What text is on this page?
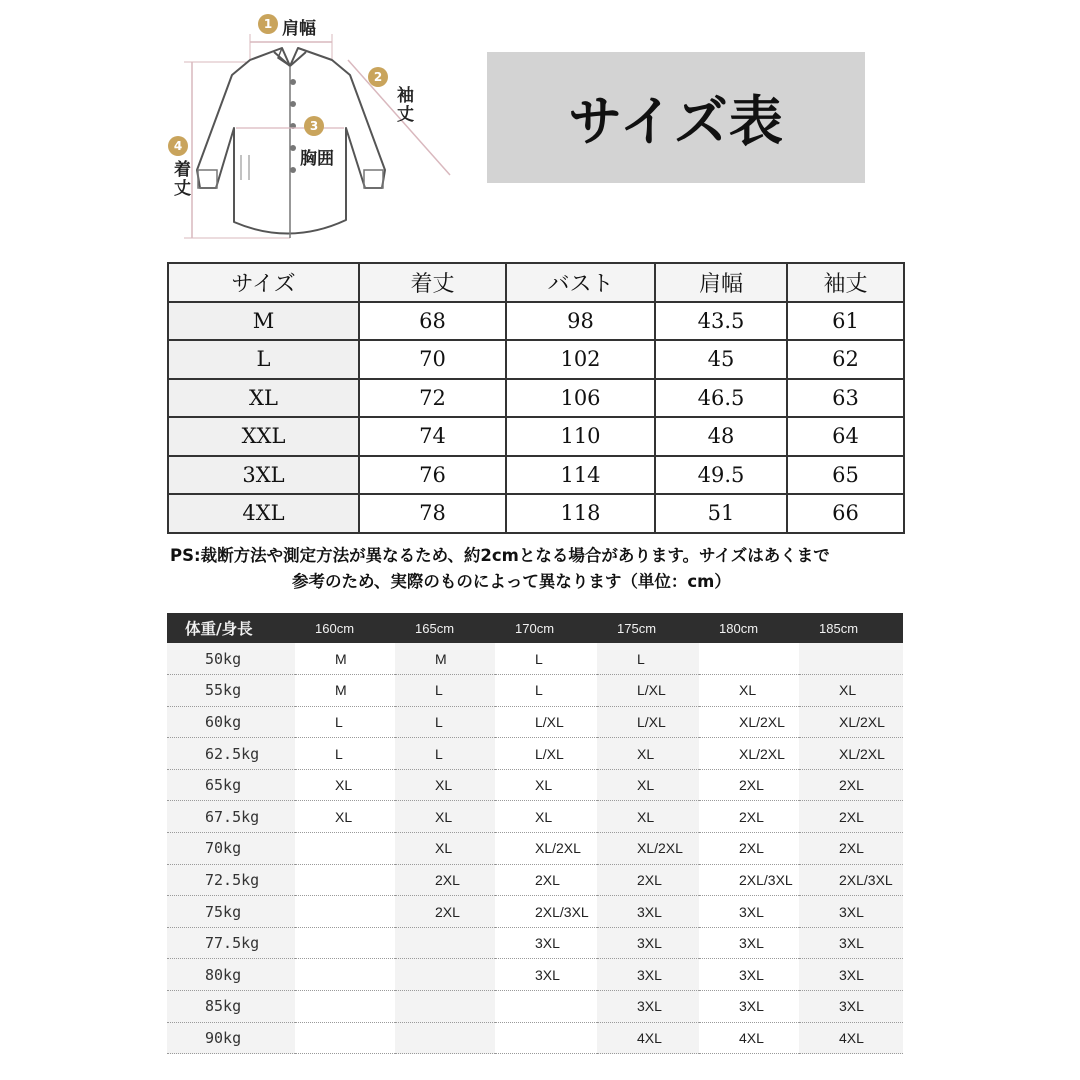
1 肩幅
2
袖丈
3
胸囲
4
着丈
サイズ表
サイズ	着丈	バスト	肩幅	袖丈
M	68	98	43.5	61
L	70	102	45	62
XL	72	106	46.5	63
XXL	74	110	48	64
3XL	76	114	49.5	65
4XL	78	118	51	66
PS:裁断方法や測定方法が異なるため、約2cmとなる場合があります。サイズはあくまで
参考のため、実際のものによって異なります（単位：cm）
体重/身長	160cm	165cm	170cm	175cm	180cm	185cm
50kg	M	M	L	L		
55kg	M	L	L	L/XL	XL	XL
60kg	L	L	L/XL	L/XL	XL/2XL	XL/2XL
62.5kg	L	L	L/XL	XL	XL/2XL	XL/2XL
65kg	XL	XL	XL	XL	2XL	2XL
67.5kg	XL	XL	XL	XL	2XL	2XL
70kg		XL	XL/2XL	XL/2XL	2XL	2XL
72.5kg		2XL	2XL	2XL	2XL/3XL	2XL/3XL
75kg		2XL	2XL/3XL	3XL	3XL	3XL
77.5kg			3XL	3XL	3XL	3XL
80kg			3XL	3XL	3XL	3XL
85kg				3XL	3XL	3XL
90kg				4XL	4XL	4XL
